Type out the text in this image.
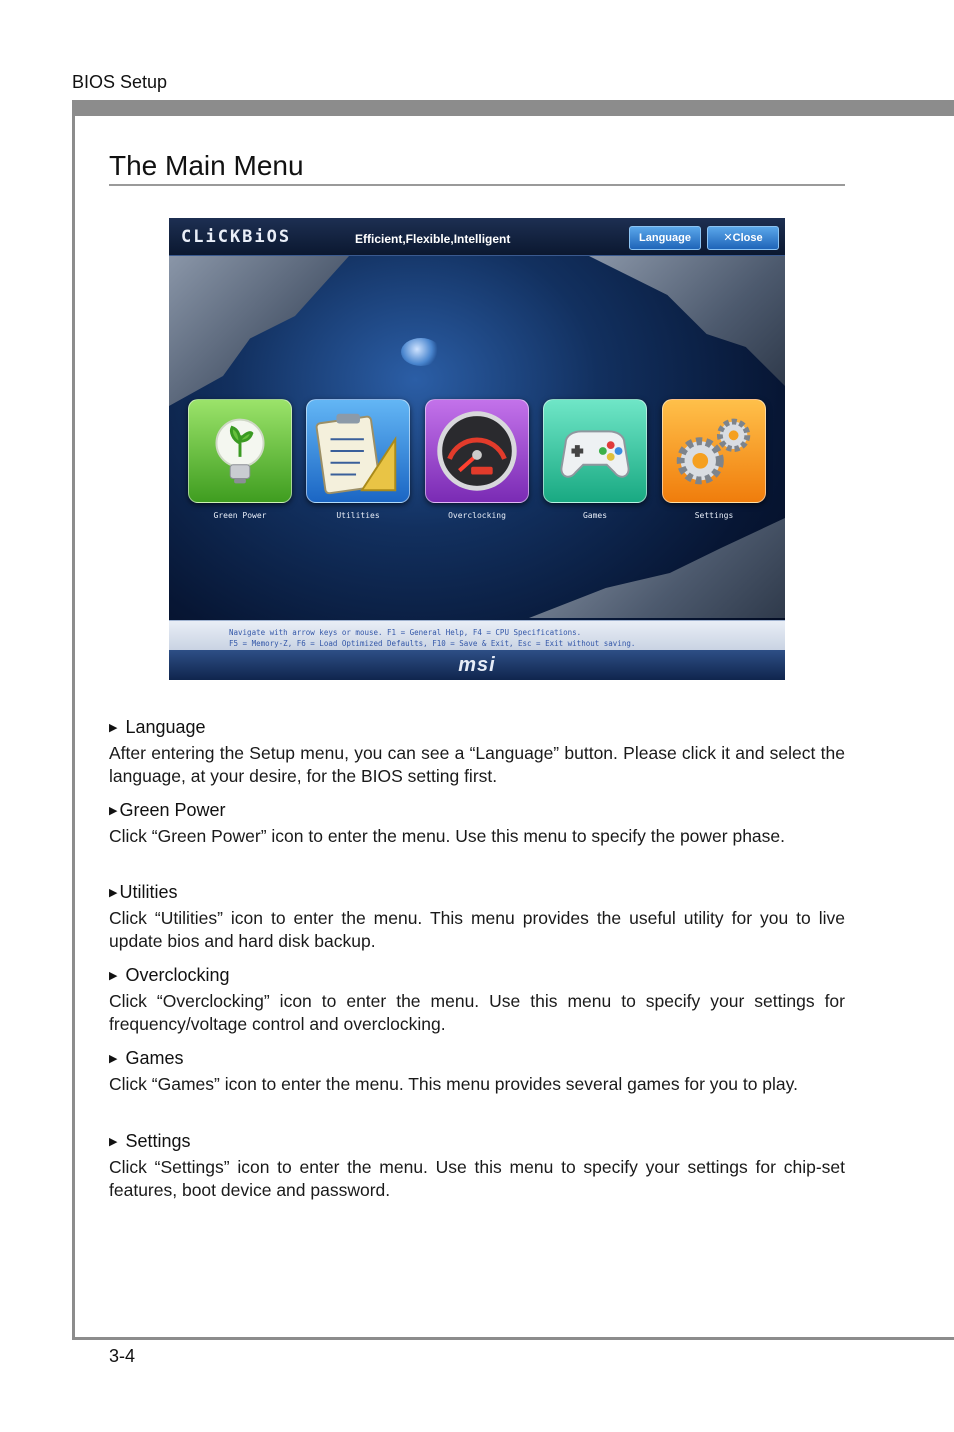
BIOS Setup
3-4
The Main Menu
CLiCKBiOS	Efficient,Flexible,Intelligent	Language	✕Close
Green Power	Utilities	Overclocking	Games	Settings
Navigate with arrow keys or mouse. F1 = General Help, F4 = CPU Specifications.
F5 = Memory-Z, F6 = Load Optimized Defaults, F10 = Save & Exit, Esc = Exit without saving.
msi
▶ Language
After entering the Setup menu, you can see a “Language” button. Please click it and select the language, at your desire, for the BIOS setting first.
▶ Green Power
Click “Green Power” icon to enter the menu. Use this menu to specify the power phase.
▶ Utilities
Click “Utilities” icon to enter the menu. This menu provides the useful utility for you to live update bios and hard disk backup.
▶ Overclocking
Click “Overclocking” icon to enter the menu. Use this menu to specify your settings for frequency/voltage control and overclocking.
▶ Games
Click “Games” icon to enter the menu. This menu provides several games for you to play.
▶ Settings
Click “Settings” icon to enter the menu. Use this menu to specify your settings for chip-set features, boot device and password.
